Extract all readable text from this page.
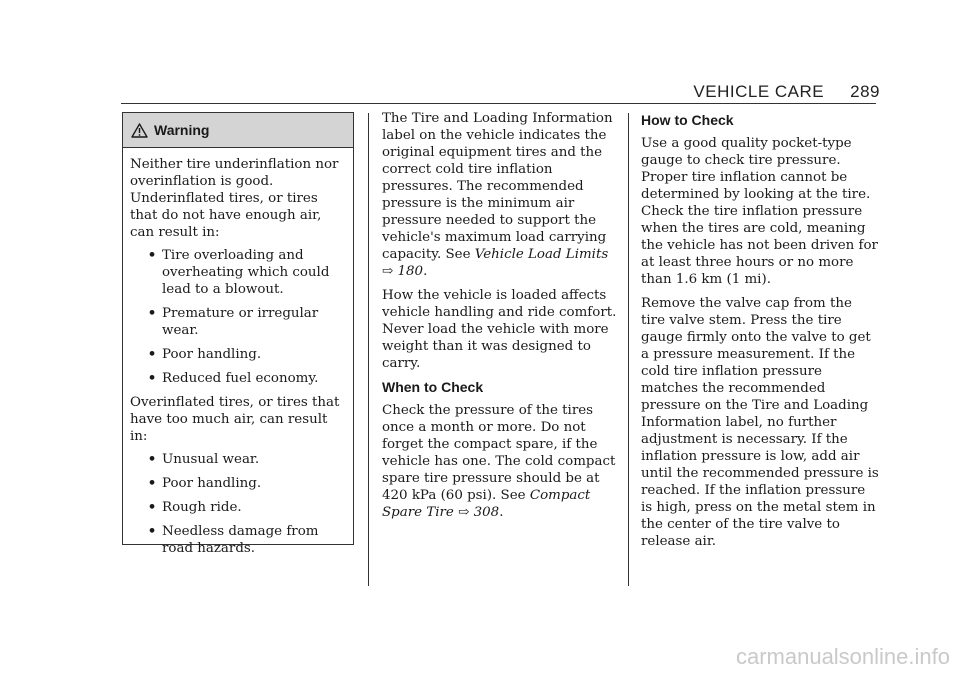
VEHICLE CARE 289
Warning

Neither tire underinflation nor overinflation is good. Underinflated tires, or tires that do not have enough air, can result in:

• Tire overloading and overheating which could lead to a blowout.
• Premature or irregular wear.
• Poor handling.
• Reduced fuel economy.

Overinflated tires, or tires that have too much air, can result in:

• Unusual wear.
• Poor handling.
• Rough ride.
• Needless damage from road hazards.

The Tire and Loading Information label on the vehicle indicates the original equipment tires and the correct cold tire inflation pressures. The recommended pressure is the minimum air pressure needed to support the vehicle's maximum load carrying capacity. See Vehicle Load Limits ⇨ 180.

How the vehicle is loaded affects vehicle handling and ride comfort. Never load the vehicle with more weight than it was designed to carry.

When to Check

Check the pressure of the tires once a month or more. Do not forget the compact spare, if the vehicle has one. The cold compact spare tire pressure should be at 420 kPa (60 psi). See Compact Spare Tire ⇨ 308.

How to Check

Use a good quality pocket-type gauge to check tire pressure. Proper tire inflation cannot be determined by looking at the tire. Check the tire inflation pressure when the tires are cold, meaning the vehicle has not been driven for at least three hours or no more than 1.6 km (1 mi).

Remove the valve cap from the tire valve stem. Press the tire gauge firmly onto the valve to get a pressure measurement. If the cold tire inflation pressure matches the recommended pressure on the Tire and Loading Information label, no further adjustment is necessary. If the inflation pressure is low, add air until the recommended pressure is reached. If the inflation pressure is high, press on the metal stem in the center of the tire valve to release air.

carmanualsonline.info
